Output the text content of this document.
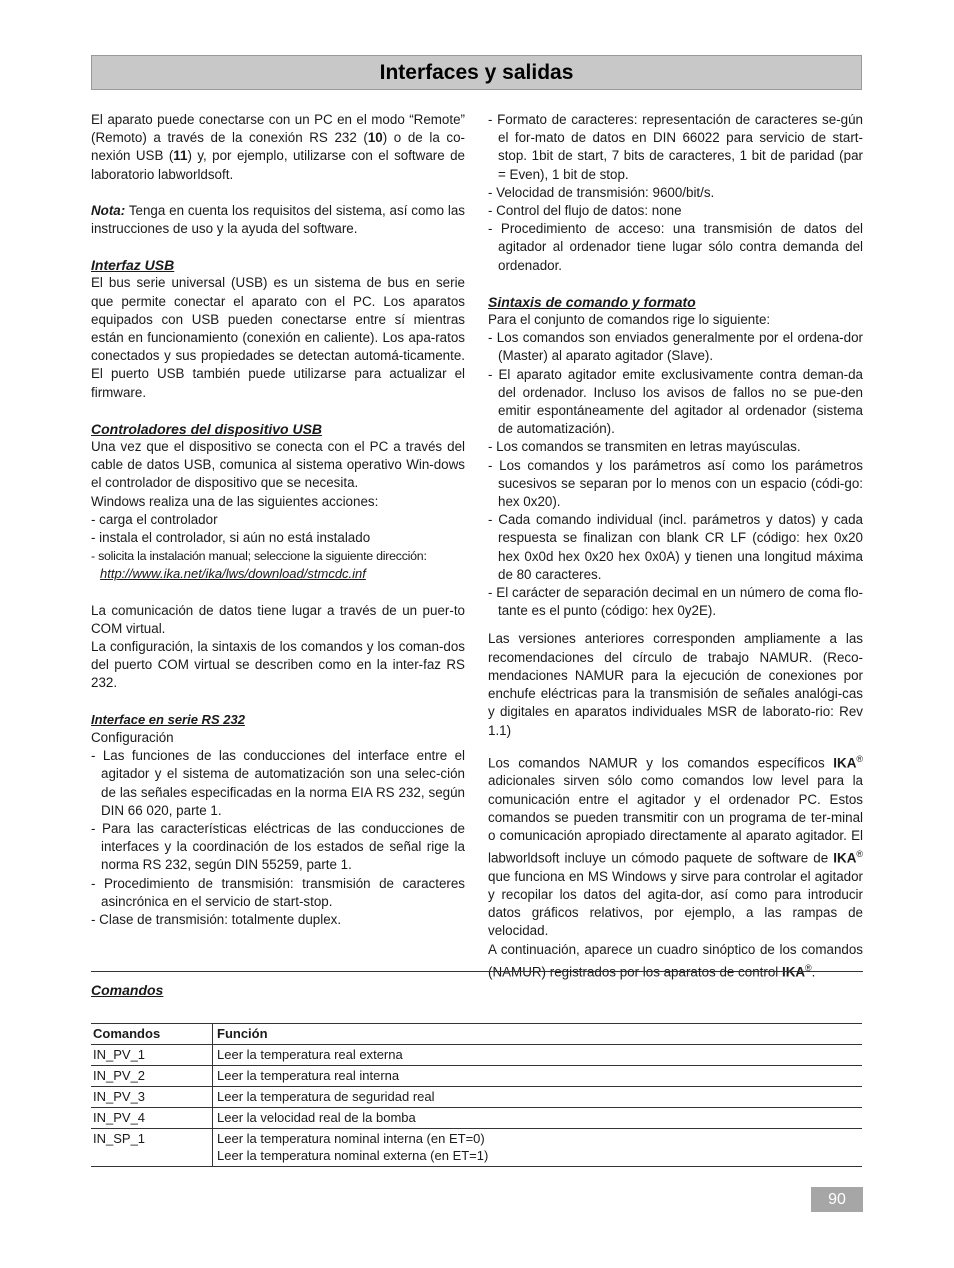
Interfaces y salidas

El aparato puede conectarse con un PC en el modo “Remote” (Remoto) a través de la conexión RS 232 (10) o de la co-nexión USB (11) y, por ejemplo, utilizarse con el software de laboratorio labworldsoft.

Nota: Tenga en cuenta los requisitos del sistema, así como las instrucciones de uso y la ayuda del software.

Interfaz USB

El bus serie universal (USB) es un sistema de bus en serie que permite conectar el aparato con el PC. Los aparatos equipados con USB pueden conectarse entre sí mientras están en funcionamiento (conexión en caliente). Los apa-ratos conectados y sus propiedades se detectan automá-ticamente. El puerto USB también puede utilizarse para actualizar el firmware.

Controladores del dispositivo USB

Una vez que el dispositivo se conecta con el PC a través del cable de datos USB, comunica al sistema operativo Win-dows el controlador de dispositivo que se necesita.

Windows realiza una de las siguientes acciones:

- carga el controlador

- instala el controlador, si aún no está instalado

- solicita la instalación manual; seleccione la siguiente dirección:

http://www.ika.net/ika/lws/download/stmcdc.inf

La comunicación de datos tiene lugar a través de un puer-to COM virtual.

La configuración, la sintaxis de los comandos y los coman-dos del puerto COM virtual se describen como en la inter-faz RS 232.

Interface en serie RS 232

Configuración

- Las funciones de las conducciones del interface entre el agitador y el sistema de automatización son una selec-ción de las señales especificadas en la norma EIA RS 232, según DIN 66 020, parte 1.

- Para las características eléctricas de las conducciones de interfaces y la coordinación de los estados de señal rige la norma RS 232, según DIN 55259, parte 1.

- Procedimiento de transmisión: transmisión de caracteres asincrónica en el servicio de start-stop.

- Clase de transmisión: totalmente duplex.

- Formato de caracteres: representación de caracteres se-gún el for-mato de datos en DIN 66022 para servicio de start-stop. 1bit de start, 7 bits de caracteres, 1 bit de paridad (par = Even), 1 bit de stop.

- Velocidad de transmisión: 9600/bit/s.

- Control del flujo de datos: none

- Procedimiento de acceso: una transmisión de datos del agitador al ordenador tiene lugar sólo contra demanda del ordenador.

Sintaxis de comando y formato

Para el conjunto de comandos rige lo siguiente:

- Los comandos son enviados generalmente por el ordena-dor (Master) al aparato agitador (Slave).

- El aparato agitador emite exclusivamente contra deman-da del ordenador. Incluso los avisos de fallos no se pue-den emitir espontáneamente del agitador al ordenador (sistema de automatización).

- Los comandos se transmiten en letras mayúsculas.

- Los comandos y los parámetros así como los parámetros sucesivos se separan por lo menos con un espacio (códi-go: hex 0x20).

- Cada comando individual (incl. parámetros y datos) y cada respuesta se finalizan con blank CR LF (código: hex 0x20 hex 0x0d hex 0x20 hex 0x0A) y tienen una longitud máxima de 80 caracteres.

- El carácter de separación decimal en un número de coma flo-tante es el punto (código: hex 0y2E).

Las versiones anteriores corresponden ampliamente a las recomendaciones del círculo de trabajo NAMUR. (Reco-mendaciones NAMUR para la ejecución de conexiones por enchufe eléctricas para la transmisión de señales analógi-cas y digitales en aparatos individuales MSR de laborato-rio: Rev 1.1)

Los comandos NAMUR y los comandos específicos IKA® adicionales sirven sólo como comandos low level para la comunicación entre el agitador y el ordenador PC. Estos comandos se pueden transmitir con un programa de ter-minal o comunicación apropiado directamente al aparato agitador. El labworldsoft incluye un cómodo paquete de software de IKA® que funciona en MS Windows y sirve para controlar el agitador y recopilar los datos del agita-dor, así como para introducir datos gráficos relativos, por ejemplo, a las rampas de velocidad.

A continuación, aparece un cuadro sinóptico de los comandos (NAMUR) registrados por los aparatos de control IKA®.

Comandos

Comandos	Función
IN_PV_1	Leer la temperatura real externa

IN_PV_2	Leer la temperatura real interna

IN_PV_3	Leer la temperatura de seguridad real

IN_PV_4	Leer la velocidad real de la bomba

IN_SP_1	Leer la temperatura nominal interna (en ET=0)
Leer la temperatura nominal externa (en ET=1)
90
